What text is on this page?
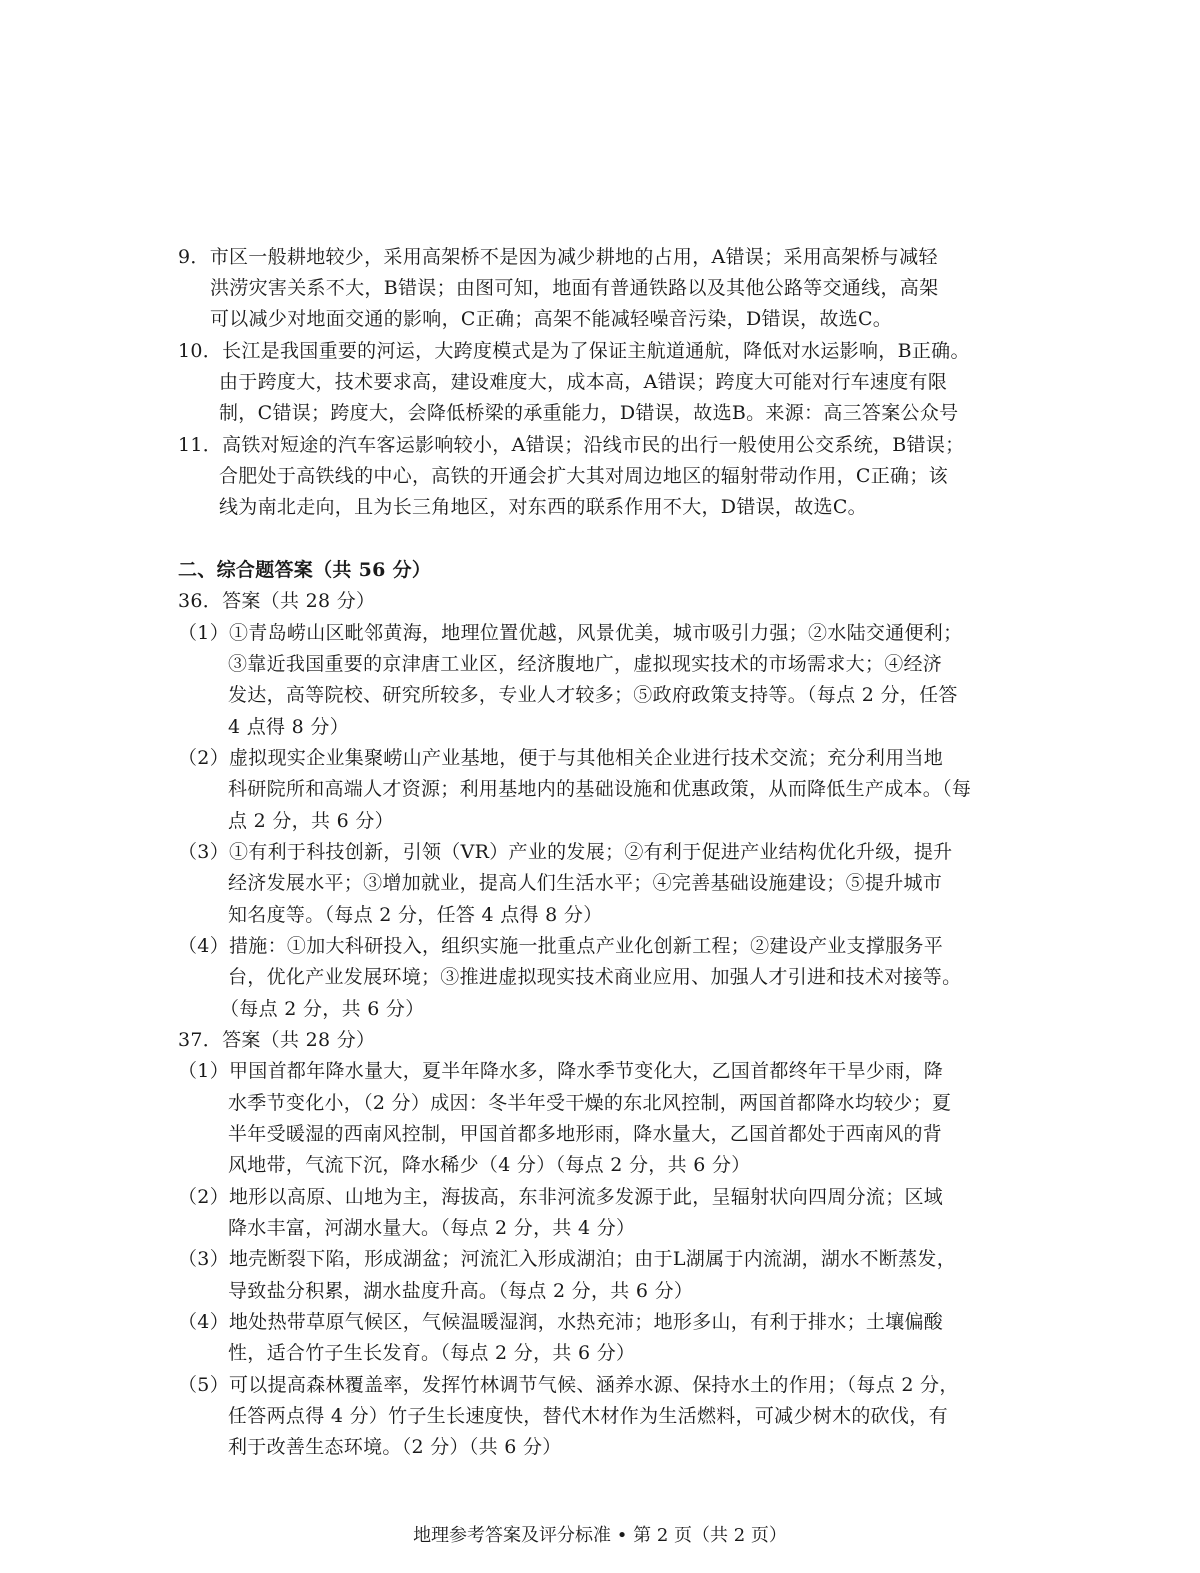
9．市区一般耕地较少，采用高架桥不是因为减少耕地的占用，A错误；采用高架桥与减轻
洪涝灾害关系不大，B错误；由图可知，地面有普通铁路以及其他公路等交通线，高架
可以减少对地面交通的影响，C正确；高架不能减轻噪音污染，D错误，故选C。
10．长江是我国重要的河运，大跨度模式是为了保证主航道通航，降低对水运影响，B正确。
由于跨度大，技术要求高，建设难度大，成本高，A错误；跨度大可能对行车速度有限
制，C错误；跨度大，会降低桥梁的承重能力，D错误，故选B。来源：高三答案公众号
11．高铁对短途的汽车客运影响较小，A错误；沿线市民的出行一般使用公交系统，B错误；
合肥处于高铁线的中心，高铁的开通会扩大其对周边地区的辐射带动作用，C正确；该
线为南北走向，且为长三角地区，对东西的联系作用不大，D错误，故选C。
二、综合题答案（共 56 分）
36．答案（共 28 分）
（1）①青岛崂山区毗邻黄海，地理位置优越，风景优美，城市吸引力强；②水陆交通便利；
③靠近我国重要的京津唐工业区，经济腹地广，虚拟现实技术的市场需求大；④经济
发达，高等院校、研究所较多，专业人才较多；⑤政府政策支持等。（每点 2 分，任答
4 点得 8 分）
（2）虚拟现实企业集聚崂山产业基地，便于与其他相关企业进行技术交流；充分利用当地
科研院所和高端人才资源；利用基地内的基础设施和优惠政策，从而降低生产成本。（每
点 2 分，共 6 分）
（3）①有利于科技创新，引领（VR）产业的发展；②有利于促进产业结构优化升级，提升
经济发展水平；③增加就业，提高人们生活水平；④完善基础设施建设；⑤提升城市
知名度等。（每点 2 分，任答 4 点得 8 分）
（4）措施：①加大科研投入，组织实施一批重点产业化创新工程；②建设产业支撑服务平
台，优化产业发展环境；③推进虚拟现实技术商业应用、加强人才引进和技术对接等。
（每点 2 分，共 6 分）
37．答案（共 28 分）
（1）甲国首都年降水量大，夏半年降水多，降水季节变化大，乙国首都终年干旱少雨，降
水季节变化小，（2 分）成因：冬半年受干燥的东北风控制，两国首都降水均较少；夏
半年受暖湿的西南风控制，甲国首都多地形雨，降水量大，乙国首都处于西南风的背
风地带，气流下沉，降水稀少（4 分）（每点 2 分，共 6 分）
（2）地形以高原、山地为主，海拔高，东非河流多发源于此，呈辐射状向四周分流；区域
降水丰富，河湖水量大。（每点 2 分，共 4 分）
（3）地壳断裂下陷，形成湖盆；河流汇入形成湖泊；由于L湖属于内流湖，湖水不断蒸发，
导致盐分积累，湖水盐度升高。（每点 2 分，共 6 分）
（4）地处热带草原气候区，气候温暖湿润，水热充沛；地形多山，有利于排水；土壤偏酸
性，适合竹子生长发育。（每点 2 分，共 6 分）
（5）可以提高森林覆盖率，发挥竹林调节气候、涵养水源、保持水土的作用；（每点 2 分，
任答两点得 4 分）竹子生长速度快，替代木材作为生活燃料，可减少树木的砍伐，有
利于改善生态环境。（2 分）（共 6 分）
地理参考答案及评分标准 • 第 2 页（共 2 页）
